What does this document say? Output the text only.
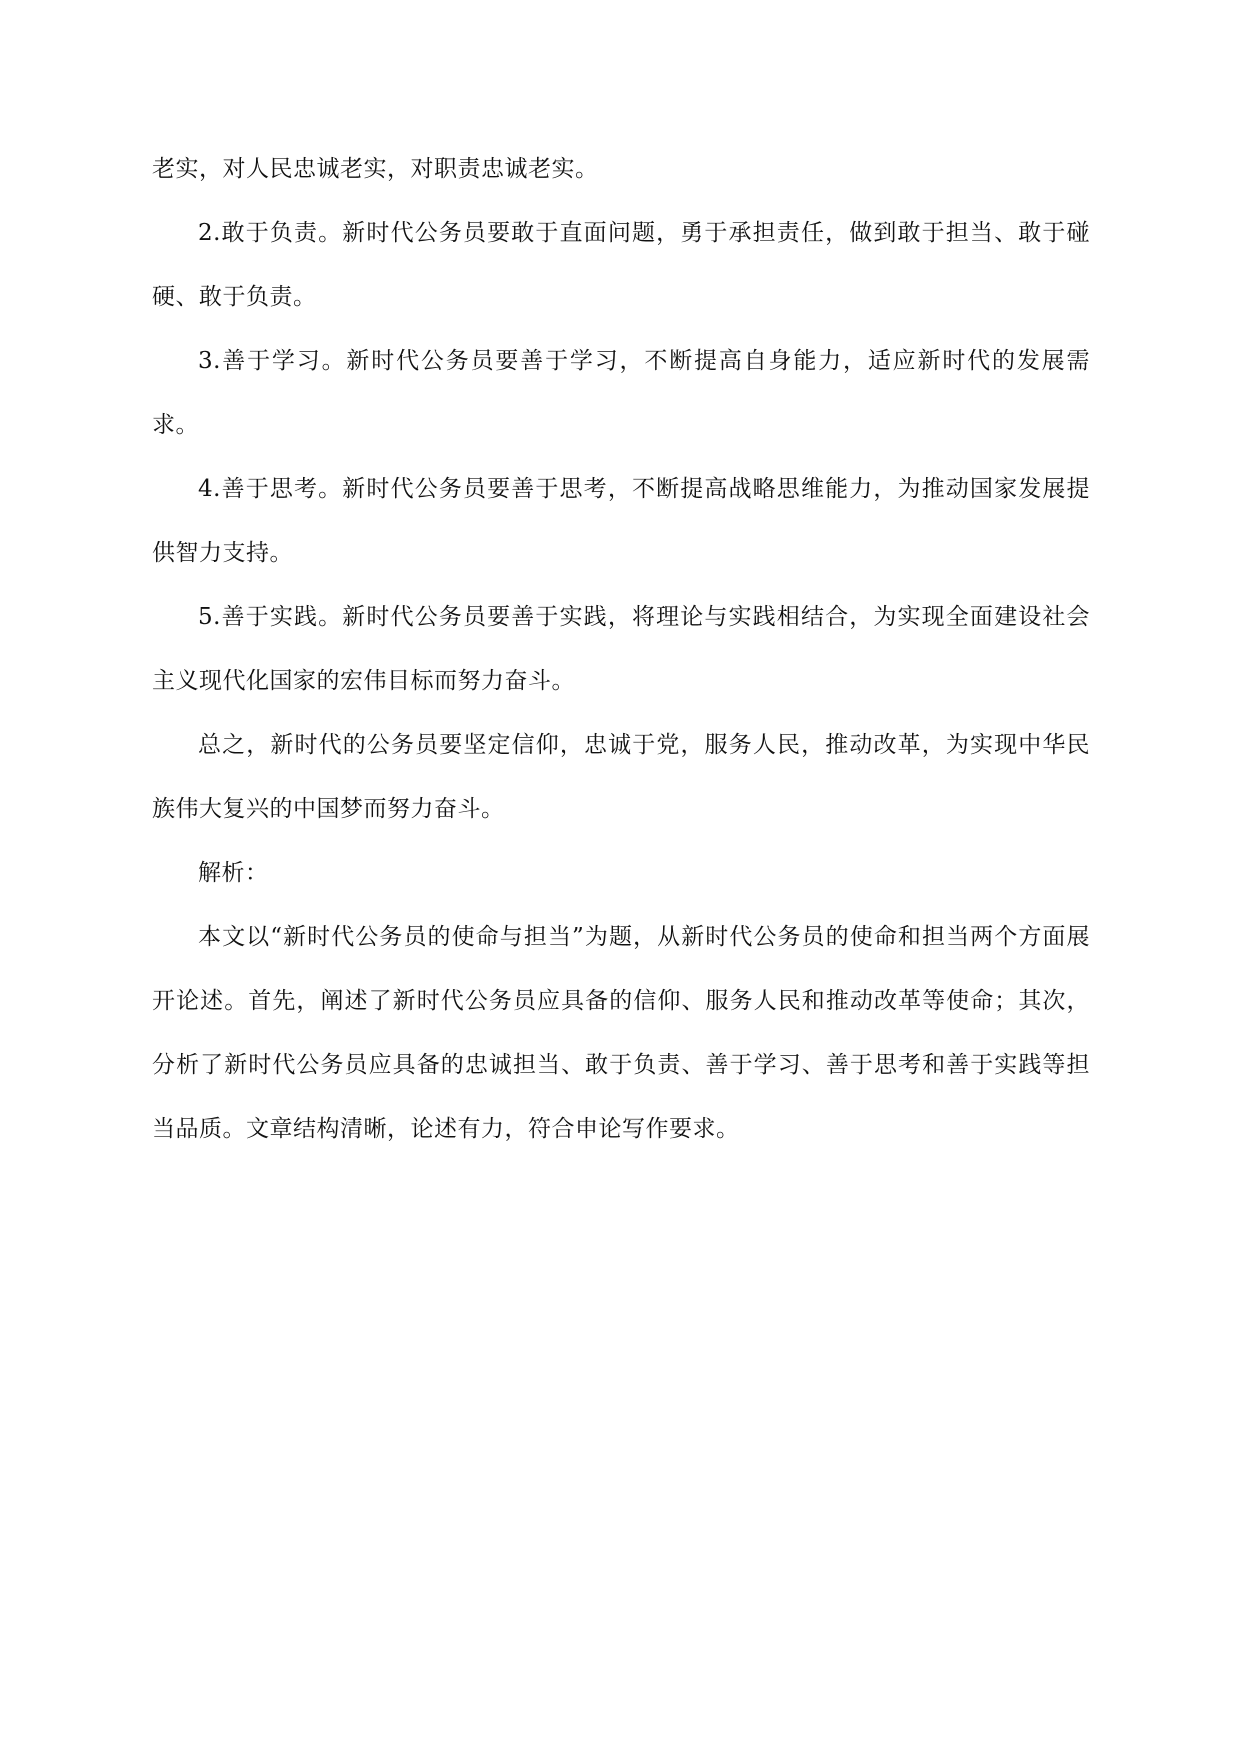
老实，对人民忠诚老实，对职责忠诚老实。

2.敢于负责。新时代公务员要敢于直面问题，勇于承担责任，做到敢于担当、敢于碰硬、敢于负责。

3.善于学习。新时代公务员要善于学习，不断提高自身能力，适应新时代的发展需求。

4.善于思考。新时代公务员要善于思考，不断提高战略思维能力，为推动国家发展提供智力支持。

5.善于实践。新时代公务员要善于实践，将理论与实践相结合，为实现全面建设社会主义现代化国家的宏伟目标而努力奋斗。

总之，新时代的公务员要坚定信仰，忠诚于党，服务人民，推动改革，为实现中华民族伟大复兴的中国梦而努力奋斗。

解析：

本文以“新时代公务员的使命与担当”为题，从新时代公务员的使命和担当两个方面展开论述。首先，阐述了新时代公务员应具备的信仰、服务人民和推动改革等使命；其次，分析了新时代公务员应具备的忠诚担当、敢于负责、善于学习、善于思考和善于实践等担当品质。文章结构清晰，论述有力，符合申论写作要求。
